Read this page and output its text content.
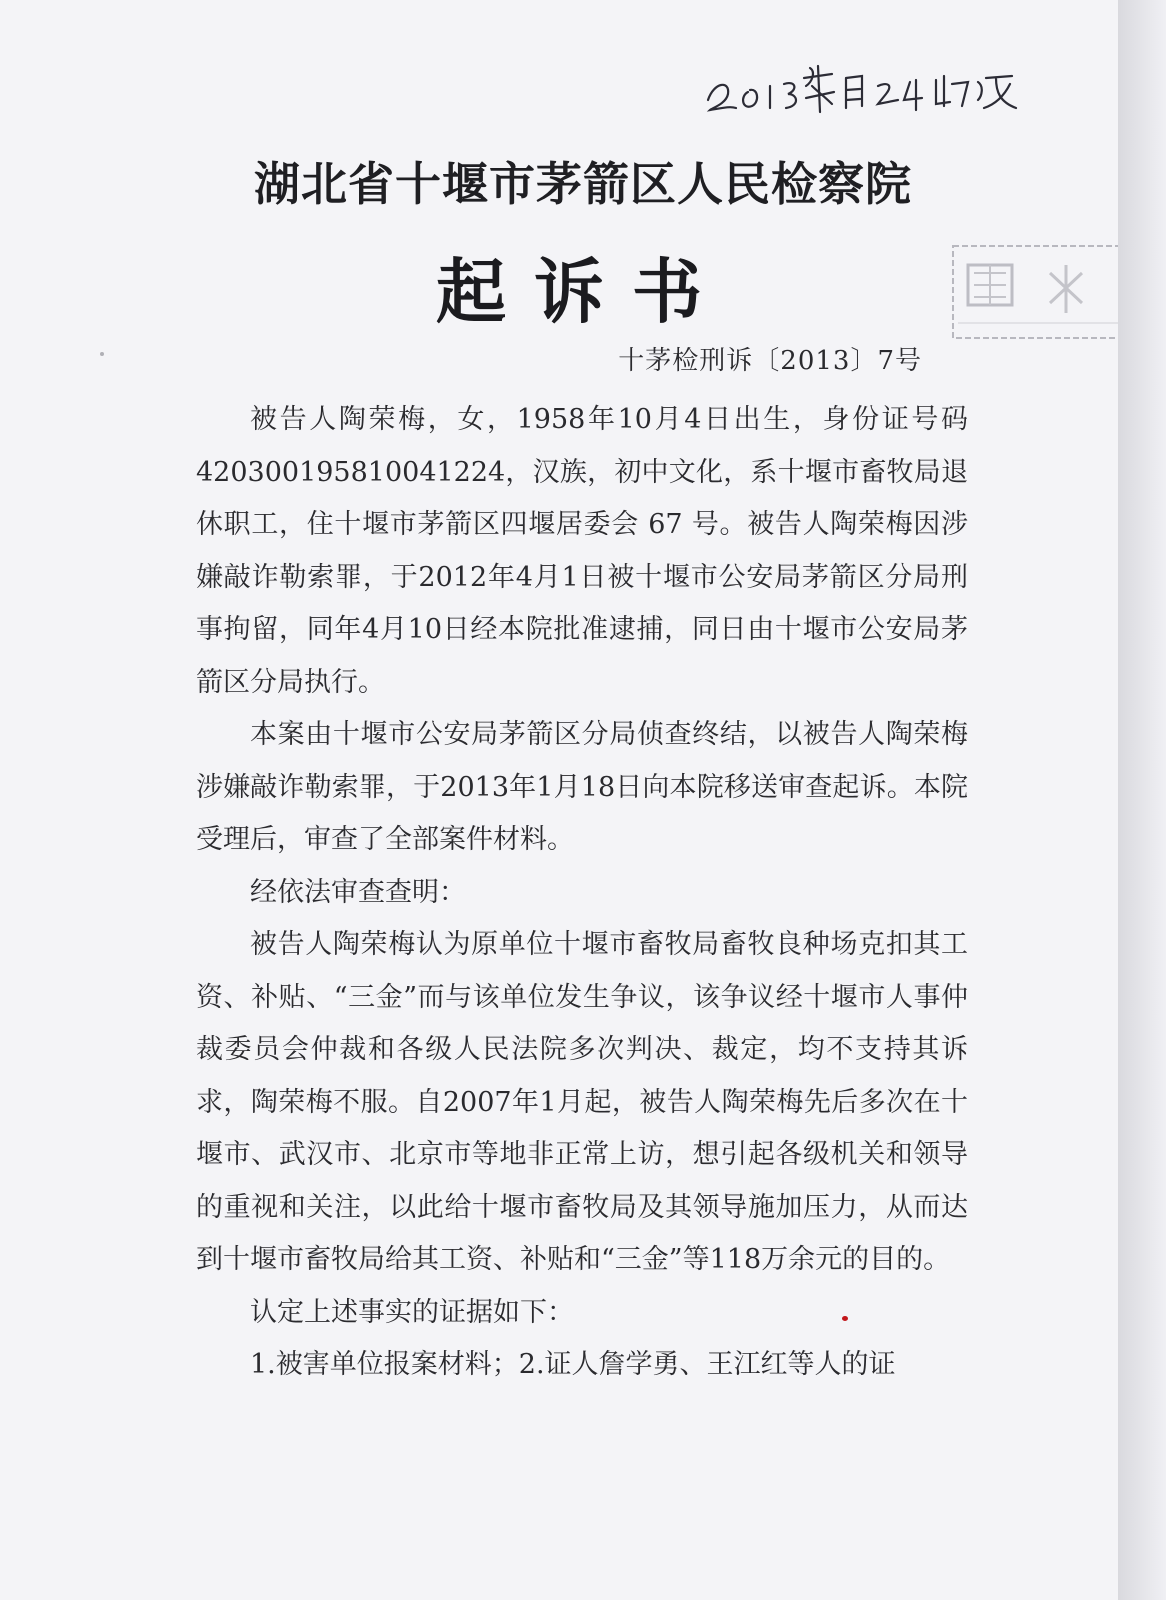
湖北省十堰市茅箭区人民检察院
起诉书
十茅检刑诉〔2013〕7号

被告人陶荣梅，女，1958年10月4日出生，身份证号码420300195810041224，汉族，初中文化，系十堰市畜牧局退休职工，住十堰市茅箭区四堰居委会 67 号。被告人陶荣梅因涉嫌敲诈勒索罪，于2012年4月1日被十堰市公安局茅箭区分局刑事拘留，同年4月10日经本院批准逮捕，同日由十堰市公安局茅箭区分局执行。

本案由十堰市公安局茅箭区分局侦查终结，以被告人陶荣梅涉嫌敲诈勒索罪，于2013年1月18日向本院移送审查起诉。本院受理后，审查了全部案件材料。

经依法审查查明：

被告人陶荣梅认为原单位十堰市畜牧局畜牧良种场克扣其工资、补贴、“三金”而与该单位发生争议，该争议经十堰市人事仲裁委员会仲裁和各级人民法院多次判决、裁定，均不支持其诉求，陶荣梅不服。自2007年1月起，被告人陶荣梅先后多次在十堰市、武汉市、北京市等地非正常上访，想引起各级机关和领导的重视和关注，以此给十堰市畜牧局及其领导施加压力，从而达到十堰市畜牧局给其工资、补贴和“三金”等118万余元的目的。

认定上述事实的证据如下：

1.被害单位报案材料；2.证人詹学勇、王江红等人的证
